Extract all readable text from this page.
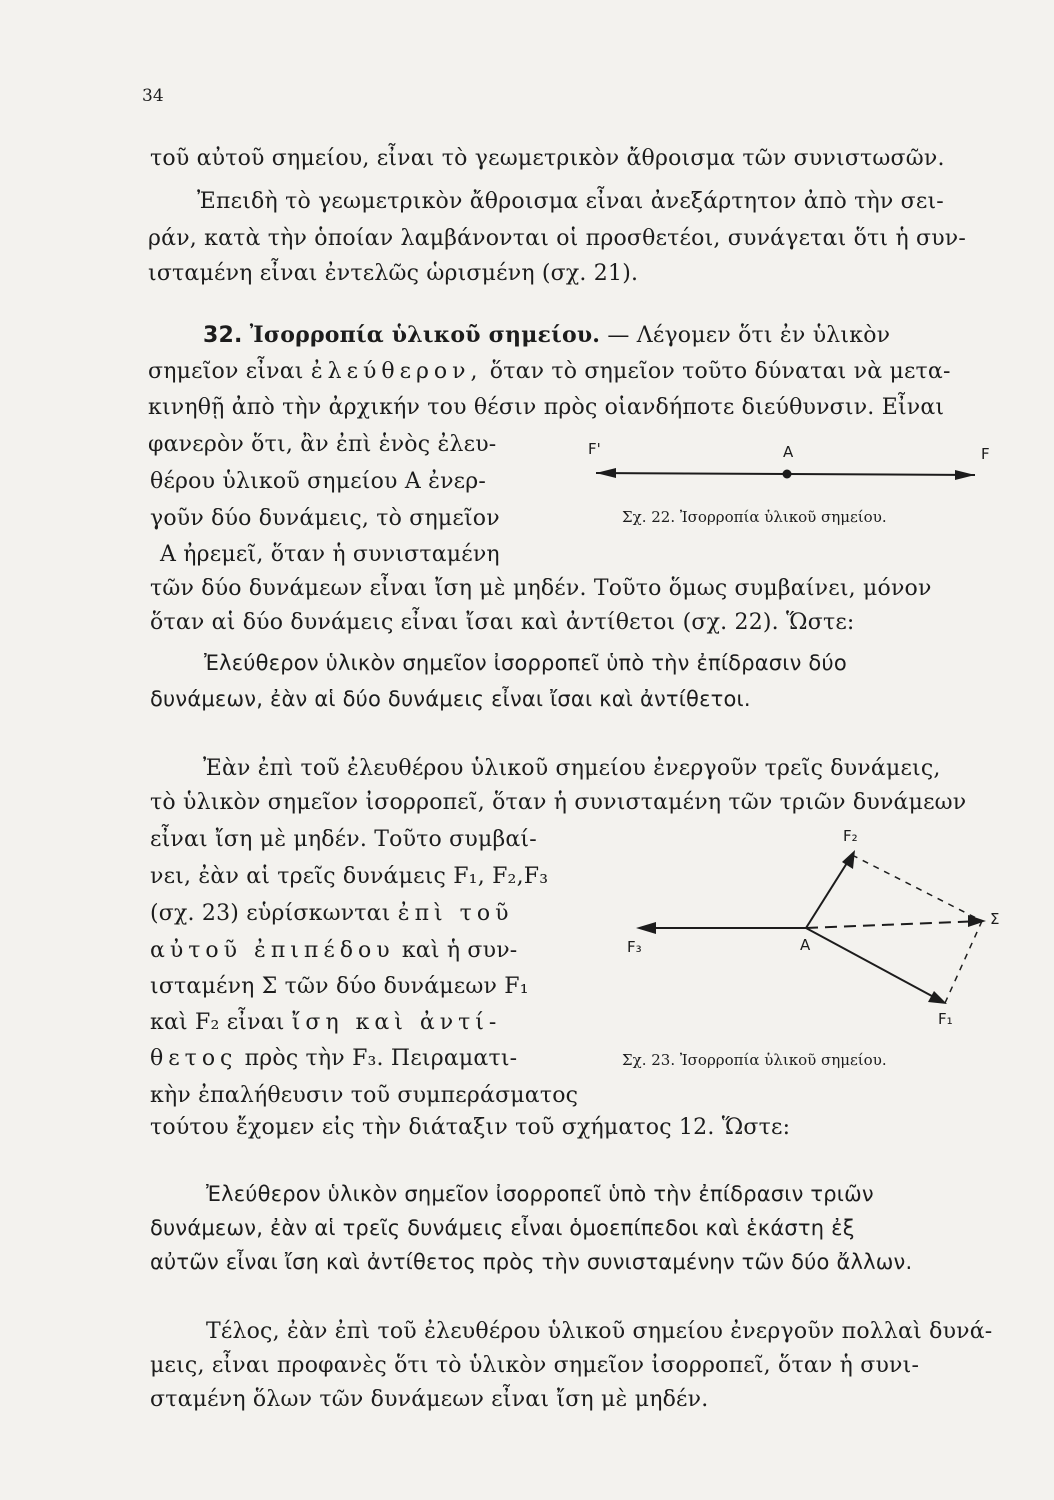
34
τοῦ αὐτοῦ σημείου, εἶναι τὸ γεωμετρικὸν ἄθροισμα τῶν συνιστωσῶν.
Ἐπειδὴ τὸ γεωμετρικὸν ἄθροισμα εἶναι ἀνεξάρτητον ἀπὸ τὴν σει-
ράν, κατὰ τὴν ὁποίαν λαμβάνονται οἱ προσθετέοι, συνάγεται ὅτι ἡ συν-
ισταμένη εἶναι ἐντελῶς ὡρισμένη (σχ. 21).
32. Ἰσορροπία ὑλικοῦ σημείου. — Λέγομεν ὅτι ἐν ὑλικὸν
σημεῖον εἶναι ἐλεύθερον, ὅταν τὸ σημεῖον τοῦτο δύναται νὰ μετα-
κινηθῇ ἀπὸ τὴν ἀρχικήν του θέσιν πρὸς οἱανδήποτε διεύθυνσιν. Εἶναι
φανερὸν ὅτι, ἂν ἐπὶ ἑνὸς ἐλευ-
θέρου ὑλικοῦ σημείου Α ἐνερ-
γοῦν δύο δυνάμεις, τὸ σημεῖον
Α ἠρεμεῖ, ὅταν ἡ συνισταμένη
F'	A	F
Σχ. 22. Ἰσορροπία ὑλικοῦ σημείου.
τῶν δύο δυνάμεων εἶναι ἴση μὲ μηδέν. Τοῦτο ὅμως συμβαίνει, μόνον
ὅταν αἱ δύο δυνάμεις εἶναι ἴσαι καὶ ἀντίθετοι (σχ. 22). Ὥστε:
Ἐλεύθερον ὑλικὸν σημεῖον ἰσορροπεῖ ὑπὸ τὴν ἐπίδρασιν δύο
δυνάμεων, ἐὰν αἱ δύο δυνάμεις εἶναι ἴσαι καὶ ἀντίθετοι.
Ἐὰν ἐπὶ τοῦ ἐλευθέρου ὑλικοῦ σημείου ἐνεργοῦν τρεῖς δυνάμεις,
τὸ ὑλικὸν σημεῖον ἰσορροπεῖ, ὅταν ἡ συνισταμένη τῶν τριῶν δυνάμεων
εἶναι ἴση μὲ μηδέν. Τοῦτο συμβαί-
νει, ἐὰν αἱ τρεῖς δυνάμεις F₁, F₂,F₃
(σχ. 23) εὑρίσκωνται ἐπὶ τοῦ
αὐτοῦ ἐπιπέδου καὶ ἡ συν-
ισταμένη Σ τῶν δύο δυνάμεων F₁
καὶ F₂ εἶναι ἴση καὶ ἀντί-
θετος πρὸς τὴν F₃. Πειραματι-
κὴν ἐπαλήθευσιν τοῦ συμπεράσματος
τούτου ἔχομεν εἰς τὴν διάταξιν τοῦ σχήματος 12. Ὥστε:
F₂
F₃	A
Σ
F₁
Σχ. 23. Ἰσορροπία ὑλικοῦ σημείου.
Ἐλεύθερον ὑλικὸν σημεῖον ἰσορροπεῖ ὑπὸ τὴν ἐπίδρασιν τριῶν
δυνάμεων, ἐὰν αἱ τρεῖς δυνάμεις εἶναι ὁμοεπίπεδοι καὶ ἑκάστη ἐξ
αὐτῶν εἶναι ἴση καὶ ἀντίθετος πρὸς τὴν συνισταμένην τῶν δύο ἄλλων.
Τέλος, ἐὰν ἐπὶ τοῦ ἐλευθέρου ὑλικοῦ σημείου ἐνεργοῦν πολλαὶ δυνά-
μεις, εἶναι προφανὲς ὅτι τὸ ὑλικὸν σημεῖον ἰσορροπεῖ, ὅταν ἡ συνι-
σταμένη ὅλων τῶν δυνάμεων εἶναι ἴση μὲ μηδέν.
